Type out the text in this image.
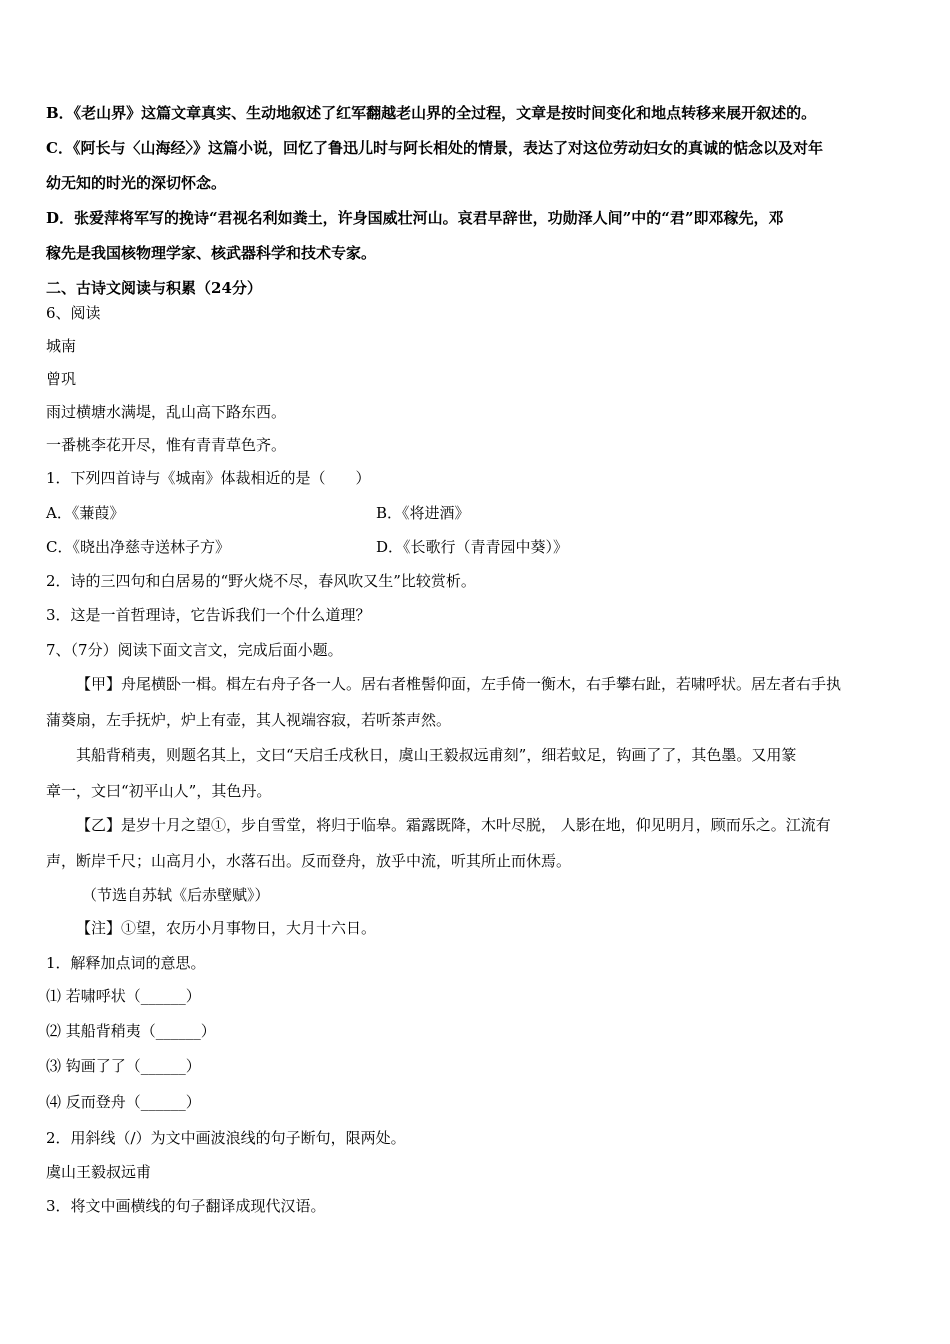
B．《老山界》这篇文章真实、生动地叙述了红军翻越老山界的全过程，文章是按时间变化和地点转移来展开叙述的。
C．《阿长与〈山海经〉》这篇小说，回忆了鲁迅儿时与阿长相处的情景，表达了对这位劳动妇女的真诚的惦念以及对年
幼无知的时光的深切怀念。
D．张爱萍将军写的挽诗“君视名利如粪土，许身国威壮河山。哀君早辞世，功勋泽人间”中的“君”即邓稼先，邓
稼先是我国核物理学家、核武器科学和技术专家。
二、古诗文阅读与积累（24分）
6、阅读
城南
曾巩
雨过横塘水满堤，乱山高下路东西。
一番桃李花开尽，惟有青青草色齐。
1．下列四首诗与《城南》体裁相近的是（　　）
A．《蒹葭》	B．《将进酒》
C．《晓出净慈寺送林子方》	D．《长歌行（青青园中葵）》
2．诗的三四句和白居易的“野火烧不尽，春风吹又生”比较赏析。
3．这是一首哲理诗，它告诉我们一个什么道理？
7、（7分）阅读下面文言文，完成后面小题。
【甲】舟尾横卧一楫。楫左右舟子各一人。居右者椎髻仰面，左手倚一衡木，右手攀右趾，若啸呼状。居左者右手执
蒲葵扇，左手抚炉，炉上有壶，其人视端容寂，若听茶声然。
其船背稍夷，则题名其上，文曰“天启壬戌秋日，虞山王毅叔远甫刻”，细若蚊足，钩画了了，其色墨。又用篆
章一，文曰“初平山人”，其色丹。
【乙】是岁十月之望①，步自雪堂，将归于临皋。霜露既降，木叶尽脱， 人影在地，仰见明月，顾而乐之。江流有
声，断岸千尺；山高月小，水落石出。反而登舟，放乎中流，听其所止而休焉。
（节选自苏轼《后赤壁赋》）
【注】①望，农历小月事物日，大月十六日。
1．解释加点词的意思。
⑴ 若啸呼状（______）
⑵ 其船背稍夷（______）
⑶ 钩画了了（______）
⑷ 反而登舟（______）
2．用斜线（/）为文中画波浪线的句子断句，限两处。
虞山王毅叔远甫
3．将文中画横线的句子翻译成现代汉语。
